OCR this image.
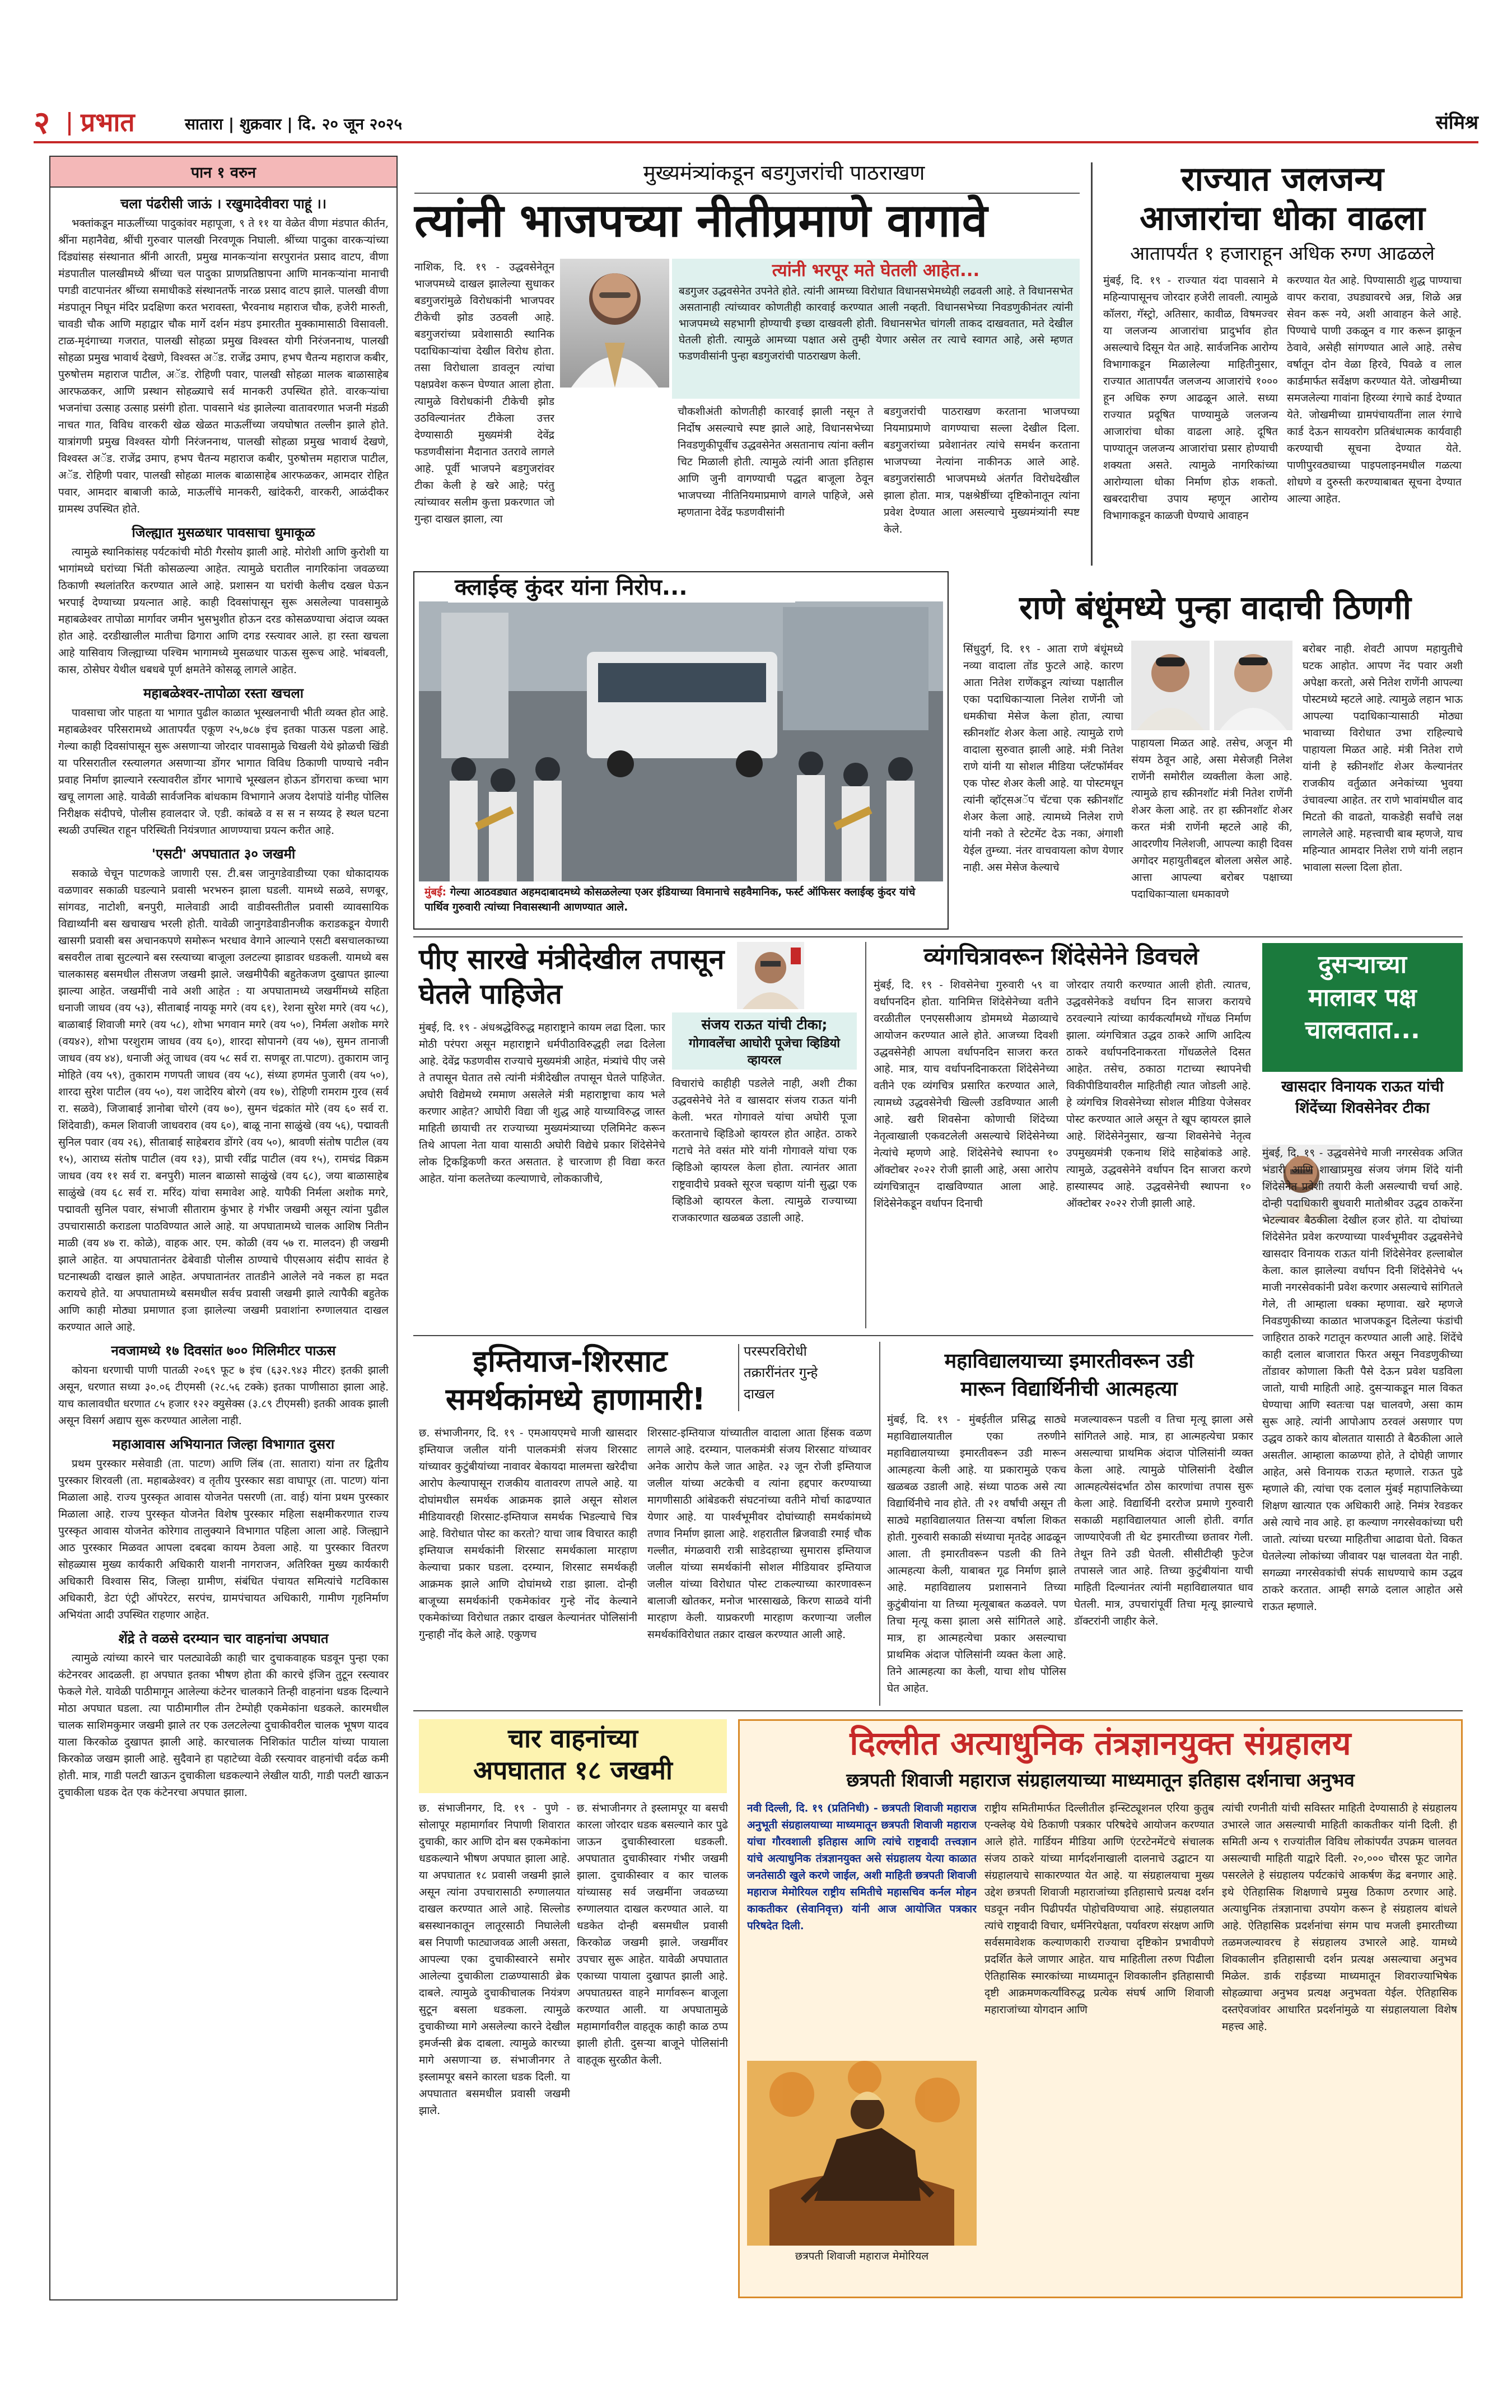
२ प्रभात	सातारा | शुक्रवार | दि. २० जून २०२५	संमिश्र
पान १ वरुन
चला पंढरीसी जाऊं । रखुमादेवीवरा पाहूं ।।
भक्तांकडून माऊलींच्या पादुकांवर महापूजा, ९ ते ११ या वेळेत वीणा मंडपात कीर्तन, श्रींना महानैवेद्य, श्रींची गुरुवार पालखी निरवणूक निघाली. श्रींच्या पादुका वारकऱ्यांच्या दिंड्यांसह संस्थानात श्रींनी आरती, प्रमुख मानकऱ्यांना सरपुरानंत प्रसाद वाटप, वीणा मंडपातील पालखीमध्ये श्रींच्या चल पादुका प्राणप्रतिष्ठापना आणि मानकऱ्यांना मानाची पगडी वाटपानंतर श्रींच्या समाधीकडे संस्थानतर्फे नारळ प्रसाद वाटप झाले. पालखी वीणा मंडपातून निघून मंदिर प्रदक्षिणा करत भरावस्ता, भैरवनाथ महाराज चौक, हजेरी मारुती, चावडी चौक आणि महाद्वार चौक मार्गे दर्शन मंडप इमारतीत मुक्कामासाठी विसावली. टाळ-मृदंगाच्या गजरात, पालखी सोहळा प्रमुख विश्वस्त योगी निरंजननाथ, पालखी सोहळा प्रमुख भावार्थ देखणे, विश्वस्त अॅड. राजेंद्र उमाप, हभप चैतन्य महाराज कबीर, पुरुषोत्तम महाराज पाटील, अॅड. रोहिणी पवार, पालखी सोहळा मालक बाळासाहेब आरफळकर, आणि प्रस्थान सोहळ्याचे सर्व मानकरी उपस्थित होते. वारकऱ्यांचा भजनांचा उत्साह उत्साह प्रसंगी होता. पावसाने थंड झालेल्या वातावरणात भजनी मंडळी नाचत गात, विविध वारकरी खेळ खेळत माऊलींच्या जयघोषात तल्लीन झाले होते. यात्रांगणी प्रमुख विश्वस्त योगी निरंजननाथ, पालखी सोहळा प्रमुख भावार्थ देखणे, विश्वस्त अॅड. राजेंद्र उमाप, हभप चैतन्य महाराज कबीर, पुरुषोत्तम महाराज पाटील, अॅड. रोहिणी पवार, पालखी सोहळा मालक बाळासाहेब आरफळकर, आमदार रोहित पवार, आमदार बाबाजी काळे, माऊलींचे मानकरी, खांदेकरी, वारकरी, आळंदीकर ग्रामस्थ उपस्थित होते.
जिल्ह्यात मुसळधार पावसाचा धुमाकूळ
त्यामुळे स्थानिकांसह पर्यटकांची मोठी गैरसोय झाली आहे. मोरोशी आणि कुरोशी या भागांमध्ये घरांच्या भिंती कोसळल्या आहेत. त्यामुळे घरातील नागरिकांना जवळच्या ठिकाणी स्थलांतरित करण्यात आले आहे. प्रशासन या घरांची केलीच दखल घेऊन भरपाई देण्याच्या प्रयत्नात आहे. काही दिवसांपासून सुरू असलेल्या पावसामुळे महाबळेश्वर तापोळा मार्गावर जमीन भुसभुशीत होऊन दरड कोसळण्याचा अंदाज व्यक्त होत आहे. दरडीखालील मातीचा ढिगारा आणि दगड रस्त्यावर आले. हा रस्ता खचला आहे यासिवाय जिल्ह्याच्या पश्चिम भागामध्ये मुसळधार पाऊस सुरूच आहे. भांबवली, कास, ठोसेघर येथील धबधबे पूर्ण क्षमतेने कोसळू लागले आहेत.
महाबळेश्वर-तापोळा रस्ता खचला
पावसाचा जोर पाहता या भागात पुढील काळात भूस्खलनाची भीती व्यक्त होत आहे. महाबळेश्वर परिसरामध्ये आतापर्यंत एकूण २५,७८७ इंच इतका पाऊस पडला आहे. गेल्या काही दिवसांपासून सुरू असणाऱ्या जोरदार पावसामुळे चिखली येथे झोळची खिंडी या परिसरातील रस्त्यालगत असणाऱ्या डोंगर भागात विविध ठिकाणी पाण्याचे नवीन प्रवाह निर्माण झाल्याने रस्त्यावरील डोंगर भागाचे भूस्खलन होऊन डोंगराचा कच्चा भाग खचू लागला आहे. यावेळी सार्वजनिक बांधकाम विभागाने अजय देशपांडे यांनीह पोलिस निरीक्षक संदीपचे, पोलीस हवालदार जे. एडी. कांबळे व स स न सय्यद हे स्थल घटना स्थळी उपस्थित राहून परिस्थिती नियंत्रणात आणण्याचा प्रयत्न करीत आहे.
'एसटी' अपघातात ३० जखमी
सकाळे चेचून पाटणकडे जाणारी एस. टी.बस जानुगडेवाडीच्या एका धोकादायक वळणावर सकाळी घडल्याने प्रवासी भरभरुन झाला घडली. यामध्ये सळवे, सणबूर, सांगवड, नाटोशी, बनपुरी, मालेवाडी आदी वाडीवस्तीतील प्रवासी व्यावसायिक विद्यार्थ्यांनी बस खचाखच भरली होती. यावेळी जानुगडेवाडीनजीक कराडकडून येणारी खासगी प्रवासी बस अचानकपणे समोरून भरधाव वेगाने आल्याने एसटी बसचालकाच्या बसवरील ताबा सुटल्याने बस रस्त्याच्या बाजूला उलटल्या झाडावर धडकली. यामध्ये बस चालकासह बसमधील तीसजण जखमी झाले. जखमीपैकी बहुतेकजण दुखापत झाल्या झाल्या आहेत. जखमींची नावे अशी आहेत : या अपघातामध्ये जखमींमध्ये सहिता धनाजी जाधव (वय ५३), सीताबाई नायकू मगरे (वय ६१), रेशना सुरेश मगरे (वय ५८), बाळाबाई शिवाजी मगरे (वय ५८), शोभा भगवान मगरे (वय ५०), निर्मला अशोक मगरे (वय४२), शोभा परशुराम जाधव (वय ६०), शारदा सोपानगे (वय ५७), सुमन तानाजी जाधव (वय ४४), धनाजी अंतू जाधव (वय ५८ सर्व रा. सणबूर ता.पाटण). तुकाराम जानू मोहिते (वय ५९), तुकाराम गणपती जाधव (वय ५८), संध्या हणमंत पुजारी (वय ५०), शारदा सुरेश पाटील (वय ५०), यश जादेरिय बोरगे (वय १७), रोहिणी रामराम गुरव (सर्व रा. सळवे), जिजाबाई ज्ञानोबा चोरगे (वय ७०), सुमन चंद्रकांत मोरे (वय ६० सर्व रा. शिंदेवाडी), कमल शिवाजी जाधवराव (वय ६०), बाळू नाना साळुंखे (वय ५६), पद्मावती सुनिल पवार (वय २६), सीताबाई साहेबराव डोंगरे (वय ५०), श्रावणी संतोष पाटील (वय १५), आराध्य संतोष पाटील (वय १३), प्राची रवींद्र पाटील (वय १५), रामचंद्र विक्रम जाधव (वय ११ सर्व रा. बनपुरी) मालन बाळासो साळुंखे (वय ६८), जया बाळासाहेब साळुंखे (वय ६८ सर्व रा. मरिंद) यांचा समावेश आहे. यापैकी निर्मला अशोक मगरे, पद्मावती सुनिल पवार, संभाजी सीताराम कुंभार हे गंभीर जखमी असून त्यांना पुढील उपचारासाठी कराडला पाठविण्यात आले आहे. या अपघातामध्ये चालक आशिष नितीन माळी (वय ४७ रा. कोळे), वाहक आर. एम. कोळी (वय ५७ रा. मालदन) ही जखमी झाले आहेत. या अपघातानंतर ढेबेवाडी पोलीस ठाण्याचे पीएसआय संदीप सावंत हे घटनास्थळी दाखल झाले आहेत. अपघातानंतर तातडीने आलेले नवे नकल हा मदत करायचे होते. या अपघातामध्ये बसमधील सर्वच प्रवासी जखमी झाले त्यापैकी बहुतेक आणि काही मोठ्या प्रमाणात इजा झालेल्या जखमी प्रवाशांना रुग्णालयात दाखल करण्यात आले आहे.
नवजामध्ये १७ दिवसांत ७०० मिलिमीटर पाऊस
कोयना धरणाची पाणी पातळी २०६९ फूट ७ इंच (६३२.९४३ मीटर) इतकी झाली असून, धरणात सध्या ३०.०६ टीएमसी (२८.५६ टक्के) इतका पाणीसाठा झाला आहे. याच कालावधीत धरणात ८५ हजार १२२ क्युसेक्स (३.८९ टीएमसी) इतकी आवक झाली असून विसर्ग अद्याप सुरू करण्यात आलेला नाही.
महाआवास अभियानात जिल्हा विभागात दुसरा
प्रथम पुरस्कार मसेवाडी (ता. पाटण) आणि लिंब (ता. सातारा) यांना तर द्वितीय पुरस्कार शिरवली (ता. महाबळेश्वर) व तृतीय पुरस्कार सडा वाघापूर (ता. पाटण) यांना मिळाला आहे. राज्य पुरस्कृत आवास योजनेत पसरणी (ता. वाई) यांना प्रथम पुरस्कार मिळाला आहे. राज्य पुरस्कृत योजनेत विशेष पुरस्कार महिला सक्षमीकरणात राज्य पुरस्कृत आवास योजनेत कोरेगाव तालुक्याने विभागात पहिला आला आहे. जिल्ह्याने आठ पुरस्कार मिळवत आपला दबदबा कायम ठेवला आहे. या पुरस्कार वितरण सोहळ्यास मुख्य कार्यकारी अधिकारी याशनी नागराजन, अतिरिक्त मुख्य कार्यकारी अधिकारी विश्वास सिद, जिल्हा ग्रामीण, संबंधित पंचायत समित्यांचे गटविकास अधिकारी, डेटा एंट्री ऑपरेटर, सरपंच, ग्रामपंचायत अधिकारी, गामीण गृहनिर्माण अभियंता आदी उपस्थित राहणार आहेत.
शेंद्रे ते वळसे दरम्यान चार वाहनांचा अपघात
त्यामुळे त्यांच्या कारने चार पलट्यावेळी काही चार दुचाकवाहक घडवून पुन्हा एका कंटेनरवर आदळली. हा अपघात इतका भीषण होता की कारचे इंजिन तुटून रस्त्यावर फेकले गेले. यावेळी पाठीमागून आलेल्या कंटेनर चालकाने तिन्ही वाहनांना धडक दिल्याने मोठा अपघात घडला. त्या पाठीमागील तीन टेम्पोही एकमेकांना धडकले. कारमधील चालक साशिमकुमार जखमी झाले तर एक उलटलेल्या दुचाकीवरील चालक भूषण यादव याला किरकोळ दुखापत झाली आहे. कारचालक निशिकांत पाटील यांच्या पायाला किरकोळ जखम झाली आहे. सुदैवाने हा पहाटेच्या वेळी रस्त्यावर वाहनांची वर्दळ कमी होती. मात्र, गाडी पलटी खाऊन दुचाकीला धडकल्याने लेखील याठी, गाडी पलटी खाऊन दुचाकीला धडक देत एक कंटेनरचा अपघात झाला.
मुख्यमंत्र्यांकडून बडगुजरांची पाठराखण
त्यांनी भाजपच्या नीतीप्रमाणे वागावे
नाशिक, दि. १९ - उद्धवसेनेतून भाजपमध्ये दाखल झालेल्या सुधाकर बडगुजरांमुळे विरोधकांनी भाजपवर टीकेची झोड उठवली आहे. बडगुजरांच्या प्रवेशासाठी स्थानिक पदाधिकाऱ्यांचा देखील विरोध होता. तसा विरोधाला डावलून त्यांचा पक्षप्रवेश करून घेण्यात आला होता. त्यामुळे विरोधकांनी टीकेची झोड उठविल्यानंतर टीकेला उत्तर देण्यासाठी मुख्यमंत्री देवेंद्र फडणवीसांना मैदानात उतरावे लागले आहे. पूर्वी भाजपने बडगुजरांवर टीका केली हे खरे आहे; परंतु त्यांच्यावर सलीम कुत्ता प्रकरणात जो गुन्हा दाखल झाला, त्या
त्यांनी भरपूर मते घेतली आहेत...
बडगुजर उद्धवसेनेत उपनेते होते. त्यांनी आमच्या विरोधात विधानसभेमध्येही लढवली आहे. ते विधानसभेत असतानाही त्यांच्यावर कोणतीही कारवाई करण्यात आली नव्हती. विधानसभेच्या निवडणुकीनंतर त्यांनी भाजपमध्ये सहभागी होण्याची इच्छा दाखवली होती. विधानसभेत चांगली ताकद दाखवतात, मते देखील घेतली होती. त्यामुळे आमच्या पक्षात असे तुम्ही येणार असेल तर त्याचे स्वागत आहे, असे म्हणत फडणवीसांनी पुन्हा बडगुजरांची पाठराखण केली.
चौकशीअंती कोणतीही कारवाई झाली नसून ते निर्दोष असल्याचे स्पष्ट झाले आहे, विधानसभेच्या निवडणुकीपूर्वीच उद्धवसेनेत असतानाच त्यांना क्लीन चिट मिळाली होती. त्यामुळे त्यांनी आता इतिहास आणि जुनी वागण्याची पद्धत बाजूला ठेवून भाजपच्या नीतिनियमाप्रमाणे वागले पाहिजे, असे म्हणताना देवेंद्र फडणवीसांनी
बडगुजरांची पाठराखण करताना भाजपच्या नियमाप्रमाणे वागण्याचा सल्ला देखील दिला. बडगुजरांच्या प्रवेशानंतर त्यांचे समर्थन करताना भाजपच्या नेत्यांना नाकीनऊ आले आहे. बडगुजरांसाठी भाजपमध्ये अंतर्गत विरोधदेखील झाला होता. मात्र, पक्षश्रेष्ठींच्या दृष्टिकोनातून त्यांना प्रवेश देण्यात आला असल्याचे मुख्यमंत्र्यांनी स्पष्ट केले.
राज्यात जलजन्य
आजारांचा धोका वाढला
आतापर्यंत १ हजाराहून अधिक रुग्ण आढळले
मुंबई, दि. १९ - राज्यात यंदा पावसाने मे महिन्यापासूनच जोरदार हजेरी लावली. त्यामुळे कॉलरा, गॅस्ट्रो, अतिसार, कावीळ, विषमज्वर या जलजन्य आजारांचा प्रादुर्भाव होत असल्याचे दिसून येत आहे. सार्वजनिक आरोग्य विभागाकडून मिळालेल्या माहितीनुसार, राज्यात आतापर्यंत जलजन्य आजारांचे १००० हून अधिक रुग्ण आढळून आले. सध्या राज्यात प्रदूषित पाण्यामुळे जलजन्य आजारांचा धोका वाढला आहे. दूषित पाण्यातून जलजन्य आजारांचा प्रसार होण्याची शक्यता असते. त्यामुळे नागरिकांच्या आरोग्याला धोका निर्माण होऊ शकतो. खबरदारीचा उपाय म्हणून आरोग्य विभागाकडून काळजी घेण्याचे आवाहन
करण्यात येत आहे. पिण्यासाठी शुद्ध पाण्याचा वापर करावा, उघड्यावरचे अन्न, शिळे अन्न सेवन करू नये, अशी आवाहन केले आहे. पिण्याचे पाणी उकळून व गार करून झाकून ठेवावे, असेही सांगण्यात आले आहे. तसेच वर्षातून दोन वेळा हिरवे, पिवळे व लाल कार्डमार्फत सर्वेक्षण करण्यात येते. जोखमीच्या समजलेल्या गावांना हिरव्या रंगाचे कार्ड देण्यात येते. जोखमीच्या ग्रामपंचायतींना लाल रंगाचे कार्ड देऊन सायवरोग प्रतिबंधात्मक कार्यवाही करण्याची सूचना देण्यात येते. पाणीपुरवठ्याच्या पाइपलाइनमधील गळत्या शोधणे व दुरुस्ती करण्याबाबत सूचना देण्यात आल्या आहेत.
क्लाईव्ह कुंदर यांना निरोप...
मुंबई: गेल्या आठवड्यात अहमदाबादमध्ये कोसळलेल्या एअर इंडियाच्या विमानाचे सहवैमानिक, फर्स्ट ऑफिसर क्लाईव्ह कुंदर यांचे पार्थिव गुरुवारी त्यांच्या निवासस्थानी आणण्यात आले.
राणे बंधूंमध्ये पुन्हा वादाची ठिणगी
सिंधुदुर्ग, दि. १९ - आता राणे बंधूंमध्ये नव्या वादाला तोंड फुटले आहे. कारण आता नितेश राणेंकडून त्यांच्या पक्षातील एका पदाधिकाऱ्याला निलेश राणेंनी जो धमकीचा मेसेज केला होता, त्याचा स्क्रीनशॉट शेअर केला आहे. त्यामुळे राणे वादाला सुरुवात झाली आहे. मंत्री नितेश राणे यांनी या सोशल मीडिया प्लॅटफॉर्मवर एक पोस्ट शेअर केली आहे. या पोस्टमधून त्यांनी व्हॉट्सअॅप चॅटचा एक स्क्रीनशॉट शेअर केला आहे. त्यामध्ये निलेश राणे यांनी नको ते स्टेटमेंट देऊ नका, अंगाशी येईल तुम्च्या. नंतर वाचवायला कोण येणार नाही. अस मेसेज केल्याचे
पाहायला मिळत आहे. तसेच, अजून मी संयम ठेवून आहे, असा मेसेजही निलेश राणेंनी समोरील व्यक्तीला केला आहे. त्यामुळे हाच स्क्रीनशॉट मंत्री नितेश राणेंनी शेअर केला आहे. तर हा स्क्रीनशॉट शेअर करत मंत्री राणेंनी म्हटले आहे की, आदरणीय निलेशजी, आपल्या काही दिवस अगोदर महायुतीबद्दल बोलला असेल आहे. आत्ता आपल्या बरोबर पक्षाच्या पदाधिकाऱ्याला धमकावणे
बरोबर नाही. शेवटी आपण महायुतीचे घटक आहोत. आपण नेंद पवार अशी अपेक्षा करतो, असे नितेश राणेंनी आपल्या पोस्टमध्ये म्हटले आहे. त्यामुळे लहान भाऊ आपल्या पदाधिकाऱ्यासाठी मोठ्या भावाच्या विरोधात उभा राहिल्याचे पाहायला मिळत आहे. मंत्री नितेश राणे यांनी हे स्क्रीनशॉट शेअर केल्यानंतर राजकीय वर्तुळात अनेकांच्या भुवया उंचावल्या आहेत. तर राणे भावांमधील वाद मिटतो की वाढतो, याकडेही सर्वांचे लक्ष लागलेले आहे. महत्त्वाची बाब म्हणजे, याच महिन्यात आमदार निलेश राणे यांनी लहान भावाला सल्ला दिला होता.
पीए सारखे मंत्रीदेखील तपासून घेतले पाहिजेत
संजय राऊत यांची टीका;
गोगावलेंचा आघोरी पूजेचा व्हिडियो व्हायरल
मुंबई, दि. १९ - अंधश्रद्धेविरुद्ध महाराष्ट्राने कायम लढा दिला. फार मोठी परंपरा असून महाराष्ट्राने धर्मपीठाविरुद्धही लढा दिलेला आहे. देवेंद्र फडणवीस राज्याचे मुख्यमंत्री आहेत, मंत्र्यांचे पीए जसे ते तपासून घेतात तसे त्यांनी मंत्रीदेखील तपासून घेतले पाहिजेत. अघोरी विद्येमध्ये रममाण असलेले मंत्री महाराष्ट्राचा काय भले करणार आहेत? आघोरी विद्या जी शुद्ध आहे याच्याविरुद्ध जास्त माहिती छायाची तर राज्याच्या मुख्यमंत्र्याच्या एलिमिनेट करून तिथे आपला नेता यावा यासाठी अघोरी विद्येचे प्रकार शिंदेसेनेचे लोक ट्रिकड्रिकणी करत असतात. हे चारजाण ही विद्या करत आहेत. यांना कलतेच्या कल्याणाचे, लोककाजीचे,
विचारांचे काहीही पडलेले नाही, अशी टीका उद्धवसेनेचे नेते व खासदार संजय राऊत यांनी केली. भरत गोगावले यांचा अघोरी पूजा करतानाचे व्हिडिओ व्हायरल होत आहेत. ठाकरे गटाचे नेते वसंत मोरे यांनी गोगावले यांचा एक व्हिडिओ व्हायरल केला होता. त्यानंतर आता राष्ट्रवादीचे प्रवक्ते सूरज चव्हाण यांनी सुद्धा एक व्हिडिओ व्हायरल केला. त्यामुळे राज्याच्या राजकारणात खळबळ उडाली आहे.
व्यंगचित्रावरून शिंदेसेनेने डिवचले
मुंबई, दि. १९ - शिवसेनेचा गुरुवारी ५९ वा वर्धापनदिन होता. यानिमित्त शिंदेसेनेच्या वतीने वरळीतील एनएससीआय डोममध्ये मेळाव्याचे आयोजन करण्यात आले होते. आजच्या दिवशी उद्धवसेनेही आपला वर्धापनदिन साजरा करत आहे. मात्र, याच वर्धापनदिनाकरता शिंदेसेनेच्या वतीने एक व्यंगचित्र प्रसारित करण्यात आले, त्यामध्ये उद्धवसेनेची खिल्ली उडविण्यात आली आहे. खरी शिवसेना कोणाची शिंदेच्या नेतृत्वाखाली एकवटलेली असल्याचे शिंदेसेनेच्या नेत्यांचे म्हणणे आहे. शिंदेसेनेचे स्थापना १० ऑक्टोबर २०२२ रोजी झाली आहे, असा आरोप व्यंगचित्रातून दाखविण्यात आला आहे. शिंदेसेनेकडून वर्धापन दिनाची
जोरदार तयारी करण्यात आली होती. त्यातच, उद्धवसेनेकडे वर्धापन दिन साजरा करायचे ठरवल्याने त्यांच्या कार्यकर्त्यांमध्ये गोंधळ निर्माण झाला. व्यंगचित्रात उद्धव ठाकरे आणि आदित्य ठाकरे वर्धापनदिनाकरता गोंधळलेले दिसत आहेत. तसेच, ठकाठा गटाच्या स्थापनेची विकीपीडियावरील माहितीही त्यात जोडली आहे. हे व्यंगचित्र शिवसेनेच्या सोशल मीडिया पेजेसवर पोस्ट करण्यात आले असून ते खूप व्हायरल झाले आहे. शिंदेसेनेनुसार, खऱ्या शिवसेनेचे नेतृत्व उपमुख्यमंत्री एकनाथ शिंदे साहेबांकडे आहे. त्यामुळे, उद्धवसेनेने वर्धापन दिन साजरा करणे हास्यास्पद आहे. उद्धवसेनेची स्थापना १० ऑक्टोबर २०२२ रोजी झाली आहे.
दुसऱ्याच्या
मालावर पक्ष
चालवतात...
खासदार विनायक राऊत यांची शिंदेंच्या शिवसेनेवर टीका
मुंबई, दि. १९ - उद्धवसेनेचे माजी नगरसेवक अजित भंडारी आणि शाखाप्रमुख संजय जंगम शिंदे यांनी शिंदेसेनेत प्रवेशी तयारी केली असल्याची चर्चा आहे. दोन्ही पदाधिकारी बुधवारी मातोश्रीवर उद्धव ठाकरेंना भेटल्यावर बैठकीला देखील हजर होते. या दोघांच्या शिंदेसेनेत प्रवेश करण्याच्या पार्श्वभूमीवर उद्धवसेनेचे खासदार विनायक राऊत यांनी शिंदेसेनेवर हल्लाबोल केला. काल झालेल्या वर्धापन दिनी शिंदेसेनेचे ५५ माजी नगरसेवकांनी प्रवेश करणार असल्याचे सांगितले गेले, ती आम्हाला धक्का म्हणावा. खरे म्हणजे निवडणुकीच्या काळात भाजपकडून दिलेल्या फंडांची जाहिरात ठाकरे गटातून करण्यात आली आहे. शिंदेंचे काही दलाल बाजारात फिरत असून निवडणुकीच्या तोंडावर कोणाला किती पैसे देऊन प्रवेश घडविला जातो, याची माहिती आहे. दुसऱ्याकडून माल विकत घेण्याचा आणि स्वतःचा पक्ष चालवणे, असा काम सुरू आहे. त्यांनी आपोआप ठरवलं असणार पण उद्धव ठाकरे काय बोलतात यासाठी ते बैठकीला आले असतील. आम्हाला काळण्या होते, ते दोघेही जाणार आहेत, असे विनायक राऊत म्हणाले. राऊत पुढे म्हणाले की, त्यांचा एक दलाल मुंबई महापालिकेच्या शिक्षण खात्यात एक अधिकारी आहे. निमंत्र रेवडकर असे त्याचे नाव आहे. हा कल्याण नगरसेवकांच्या घरी जातो. त्यांच्या घरच्या माहितीचा आढावा घेतो. विकत घेतलेल्या लोकांच्या जीवावर पक्ष चालवता येत नाही. सगळ्या नगरसेवकांची संपर्क साधण्याचे काम उद्धव ठाकरे करतात. आम्ही सगळे दलाल आहोत असे राऊत म्हणाले.
इम्तियाज-शिरसाट
समर्थकांमध्ये हाणामारी!
परस्परविरोधी
तक्रारींनंतर गुन्हे
दाखल
छ. संभाजीनगर, दि. १९ - एमआयएमचे माजी खासदार इम्तियाज जलील यांनी पालकमंत्री संजय शिरसाट यांच्यावर कुटुंबीयांच्या नावावर बेकायदा मालमत्ता खरेदीचा आरोप केल्यापासून राजकीय वातावरण तापले आहे. या दोघांमधील समर्थक आक्रमक झाले असून सोशल मीडियावरही शिरसाट-इम्तियाज समर्थक भिडल्याचे चित्र आहे. विरोधात पोस्ट का करतो? याचा जाब विचारत काही इम्तियाज समर्थकांनी शिरसाट समर्थकाला मारहाण केल्याचा प्रकार घडला. दरम्यान, शिरसाट समर्थकही आक्रमक झाले आणि दोघांमध्ये राडा झाला. दोन्ही बाजूच्या समर्थकांनी एकमेकांवर गुन्हे नोंद केल्याने एकमेकांच्या विरोधात तक्रार दाखल केल्यानंतर पोलिसांनी गुन्हाही नोंद केले आहे. एकुणच
शिरसाट-इम्तियाज यांच्यातील वादाला आता हिंसक वळण लागले आहे. दरम्यान, पालकमंत्री संजय शिरसाट यांच्यावर अनेक आरोप केले जात आहेत. २३ जून रोजी इम्तियाज जलील यांच्या अटकेची व त्यांना हद्दपार करण्याच्या मागणीसाठी आंबेडकरी संघटनांच्या वतीने मोर्चा काढण्यात येणार आहे. या पार्श्वभूमीवर दोघांच्याही समर्थकांमध्ये तणाव निर्माण झाला आहे. शहरातील ब्रिजवाडी रमाई चौक गल्लीत, मंगळवारी रात्री साडेदहाच्या सुमारास इम्तियाज जलील यांच्या समर्थकांनी सोशल मीडियावर इम्तियाज जलील यांच्या विरोधात पोस्ट टाकल्याच्या कारणावरून बालाजी खोतकर, मनोज भारसाखळे, किरण साळवे यांनी मारहाण केली. याप्रकरणी मारहाण करणाऱ्या जलील समर्थकांविरोधात तक्रार दाखल करण्यात आली आहे.
महाविद्यालयाच्या इमारतीवरून उडी
मारून विद्यार्थिनीची आत्महत्या
मुंबई, दि. १९ - मुंबईतील प्रसिद्ध साठ्ये महाविद्यालयातील एका तरुणीने महाविद्यालयाच्या इमारतीवरून उडी मारून आत्महत्या केली आहे. या प्रकारामुळे एकच खळबळ उडाली आहे. संध्या पाठक असे त्या विद्यार्थिनीचे नाव होते. ती २१ वर्षांची असून ती साठ्ये महाविद्यालयात तिसऱ्या वर्षाला शिकत होती. गुरुवारी सकाळी संध्याचा मृतदेह आढळून आला. ती इमारतीवरून पडली की तिने आत्महत्या केली, याबाबत गूढ निर्माण झाले आहे. महाविद्यालय प्रशासनाने तिच्या कुटुंबीयांना या तिच्या मृत्यूबाबत कळवले. पण तिचा मृत्यू कसा झाला असे सांगितले आहे. मात्र, हा आत्महत्येचा प्रकार असल्याचा प्राथमिक अंदाज पोलिसांनी व्यक्त केला आहे. तिने आत्महत्या का केली, याचा शोध पोलिस घेत आहेत.
मजल्यावरून पडली व तिचा मृत्यू झाला असे सांगितले आहे. मात्र, हा आत्महत्येचा प्रकार असल्याचा प्राथमिक अंदाज पोलिसांनी व्यक्त केला आहे. त्यामुळे पोलिसांनी देखील आत्महत्येसंदर्भात ठोस कारणांचा तपास सुरू केला आहे. विद्यार्थिनी दररोज प्रमाणे गुरुवारी सकाळी महाविद्यालयात आली होती. वर्गात जाण्याऐवजी ती थेट इमारतीच्या छतावर गेली. तेथून तिने उडी घेतली. सीसीटीव्ही फुटेज तपासले जात आहे. तिच्या कुटुंबीयांना याची माहिती दिल्यानंतर त्यांनी महाविद्यालयात धाव घेतली. मात्र, उपचारांपूर्वी तिचा मृत्यू झाल्याचे डॉक्टरांनी जाहीर केले.
चार वाहनांच्या
अपघातात १८ जखमी
छ. संभाजीनगर, दि. १९ - पुणे - सोलापूर महामार्गावर निपाणी शिवारात दुचाकी, कार आणि दोन बस एकमेकांना धडकल्याने भीषण अपघात झाला आहे. या अपघातात १८ प्रवासी जखमी झाले असून त्यांना उपचारासाठी रुग्णालयात दाखल करण्यात आले आहे. सिल्लोड बसस्थानकातून लातूरसाठी निघालेली बस निपाणी फाट्याजवळ आली असता, आपल्या एका दुचाकीस्वारने समोर आलेल्या दुचाकीला टाळण्यासाठी ब्रेक दाबले. त्यामुळे दुचाकीचालक नियंत्रण सुटून बसला धडकला. त्यामुळे दुचाकीच्या मागे असलेल्या कारने देखील इमर्जन्सी ब्रेक दाबला. त्यामुळे कारच्या मागे असणाऱ्या छ. संभाजीनगर ते इस्लामपूर बसने कारला धडक दिली. या अपघातात बसमधील प्रवासी जखमी झाले.
छ. संभाजीनगर ते इस्लामपूर या बसची कारला जोरदार धडक बसल्याने कार पुढे जाऊन दुचाकीस्वारला धडकली. अपघातात दुचाकीस्वार गंभीर जखमी झाला. दुचाकीस्वार व कार चालक यांच्यासह सर्व जखमींना जवळच्या रुग्णालयात दाखल करण्यात आले. या धडकेत दोन्ही बसमधील प्रवासी किरकोळ जखमी झाले. जखमींवर उपचार सुरू आहेत. यावेळी अपघातात एकाच्या पायाला दुखापत झाली आहे. अपघातग्रस्त वाहने मार्गावरून बाजूला करण्यात आली. या अपघातामुळे महामार्गावरील वाहतूक काही काळ ठप्प झाली होती. दुसऱ्या बाजूने पोलिसांनी वाहतूक सुरळीत केली.
दिल्लीत अत्याधुनिक तंत्रज्ञानयुक्त संग्रहालय
छत्रपती शिवाजी महाराज संग्रहालयाच्या माध्यमातून इतिहास दर्शनाचा अनुभव
नवी दिल्ली, दि. १९ (प्रतिनिधी) - छत्रपती शिवाजी महाराज अनुभूती संग्रहालयाच्या माध्यमातून छत्रपती शिवाजी महाराज यांचा गौरवशाली इतिहास आणि त्यांचे राष्ट्रवादी तत्त्वज्ञान यांचे अत्याधुनिक तंत्रज्ञानयुक्त असे संग्रहालय येत्या काळात जनतेसाठी खुले करणे जाईल, अशी माहिती छत्रपती शिवाजी महाराज मेमोरियल राष्ट्रीय समितीचे महासचिव कर्नल मोहन काकतीकर (सेवानिवृत्त) यांनी आज आयोजित पत्रकार परिषदेत दिली.
छत्रपती शिवाजी महाराज मेमोरियल
राष्ट्रीय समितीमार्फत दिल्लीतील इन्स्टिट्यूशनल एरिया कुतुब एन्क्लेव्ह येथे ठिकाणी पत्रकार परिषदेचे आयोजन करण्यात आले होते. गार्डियन मीडिया आणि एंटरटेनमेंटचे संचालक संजय ठाकरे यांच्या मार्गदर्शनाखाली दालनाचे उद्घाटन या संग्रहालयाचे साकारण्यात येत आहे. या संग्रहालयाचा मुख्य उद्देश छत्रपती शिवाजी महाराजांच्या इतिहासाचे प्रत्यक्ष दर्शन घडवून नवीन पिढीपर्यंत पोहोचविण्याचा आहे. संग्रहालयात त्यांचे राष्ट्रवादी विचार, धर्मनिरपेक्षता, पर्यावरण संरक्षण आणि सर्वसमावेशक कल्याणकारी राज्याचा दृष्टिकोन प्रभावीपणे प्रदर्शित केले जाणार आहेत. याच माहितीला तरुण पिढीला ऐतिहासिक स्मारकांच्या माध्यमातून शिवकालीन इतिहासाची दृष्टी आक्रमणकर्त्यांविरुद्ध प्रत्येक संघर्ष आणि शिवाजी महाराजांच्या योगदान आणि
त्यांची रणनीती यांची सविस्तर माहिती देण्यासाठी हे संग्रहालय उभारले जात असल्याची माहिती काकतीकर यांनी दिली. ही समिती अन्य ९ राज्यांतील विविध लोकांपर्यंत उपक्रम चालवत असल्याची माहिती याद्वारे दिली. २०,००० चौरस फूट जागेत पसरलेले हे संग्रहालय पर्यटकांचे आकर्षण केंद्र बनणार आहे. इथे ऐतिहासिक शिक्षणाचे प्रमुख ठिकाण ठरणार आहे. अत्याधुनिक तंत्रज्ञानाचा उपयोग करून हे संग्रहालय बांधले आहे. ऐतिहासिक प्रदर्शनांचा संगम पाच मजली इमारतीच्या तळमजल्यावरच हे संग्रहालय उभारले आहे. यामध्ये शिवकालीन इतिहासाची दर्शन प्रत्यक्ष असल्याचा अनुभव मिळेल. डार्क राईडच्या माध्यमातून शिवराज्याभिषेक सोहळ्याचा अनुभव प्रत्यक्ष अनुभवता येईल. ऐतिहासिक दस्तऐवजांवर आधारित प्रदर्शनांमुळे या संग्रहालयाला विशेष महत्त्व आहे.
